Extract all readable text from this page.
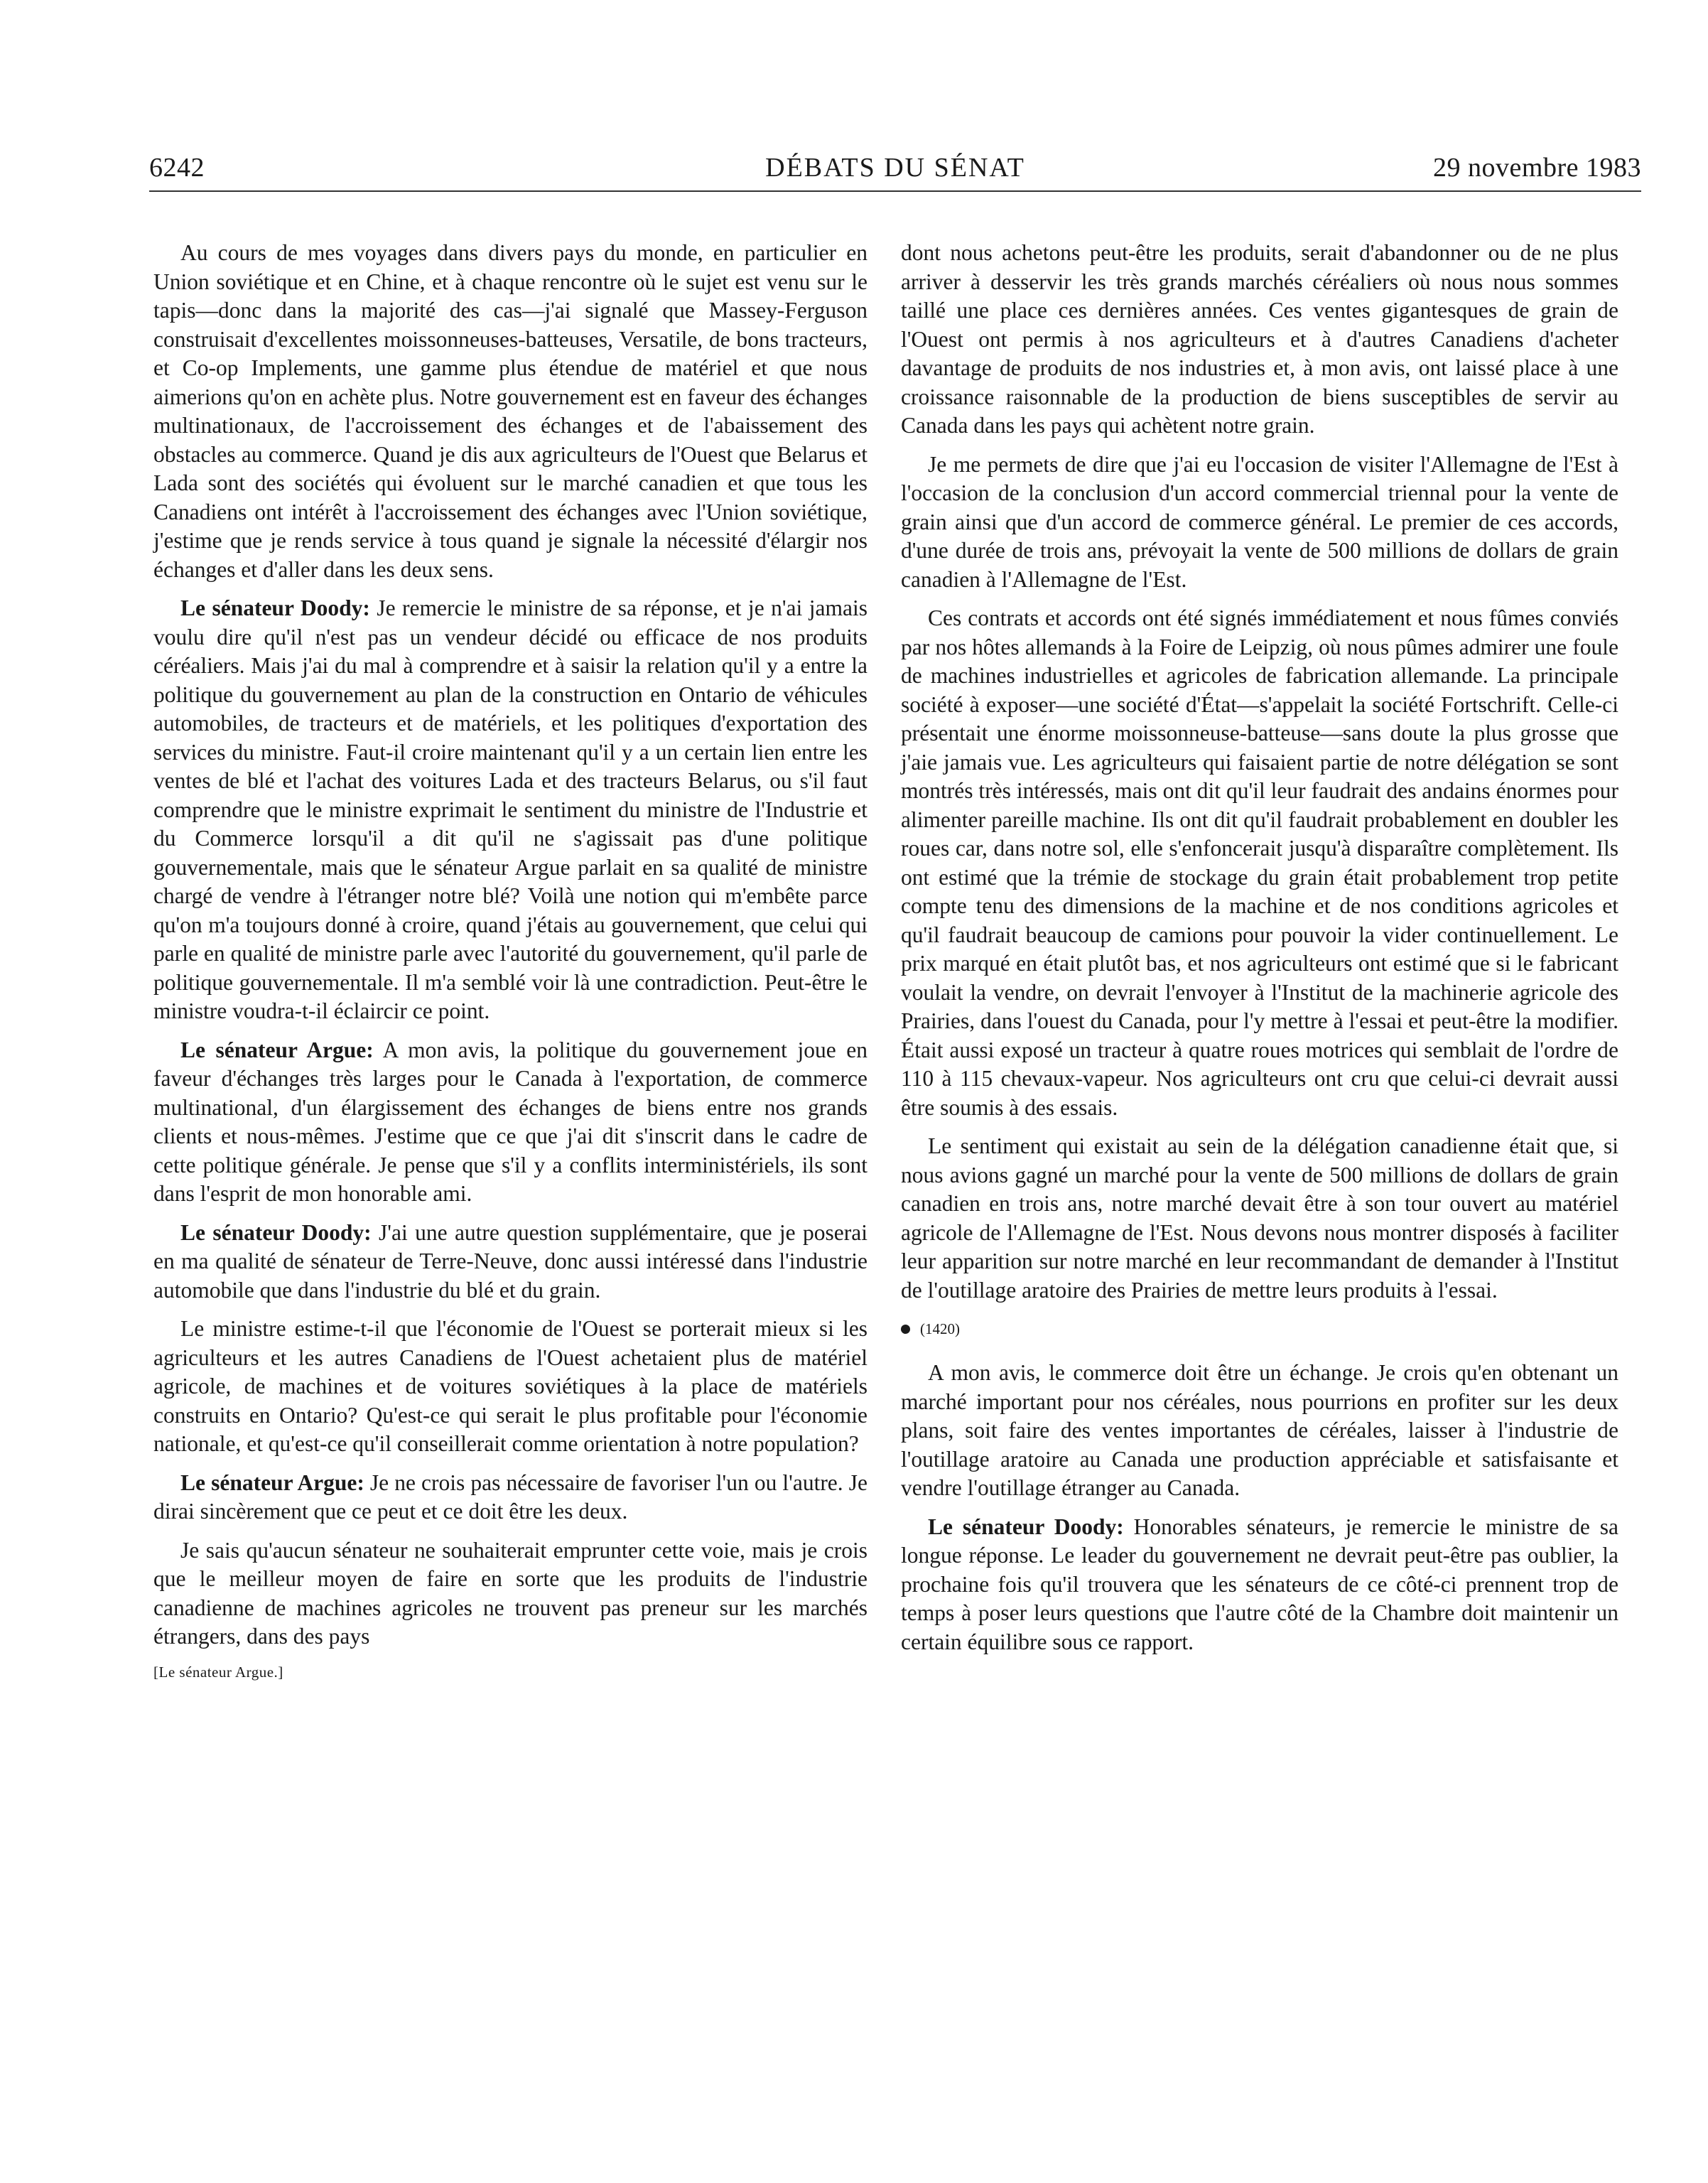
6242	DÉBATS DU SÉNAT	29 novembre 1983

Au cours de mes voyages dans divers pays du monde, en particulier en Union soviétique et en Chine, et à chaque rencontre où le sujet est venu sur le tapis—donc dans la majorité des cas—j'ai signalé que Massey-Ferguson construisait d'excellentes moissonneuses-batteuses, Versatile, de bons tracteurs, et Co-op Implements, une gamme plus étendue de matériel et que nous aimerions qu'on en achète plus. Notre gouvernement est en faveur des échanges multinationaux, de l'accroissement des échanges et de l'abaissement des obstacles au commerce. Quand je dis aux agriculteurs de l'Ouest que Belarus et Lada sont des sociétés qui évoluent sur le marché canadien et que tous les Canadiens ont intérêt à l'accroissement des échanges avec l'Union soviétique, j'estime que je rends service à tous quand je signale la nécessité d'élargir nos échanges et d'aller dans les deux sens.

Le sénateur Doody: Je remercie le ministre de sa réponse, et je n'ai jamais voulu dire qu'il n'est pas un vendeur décidé ou efficace de nos produits céréaliers. Mais j'ai du mal à comprendre et à saisir la relation qu'il y a entre la politique du gouvernement au plan de la construction en Ontario de véhicules automobiles, de tracteurs et de matériels, et les politiques d'exportation des services du ministre. Faut-il croire maintenant qu'il y a un certain lien entre les ventes de blé et l'achat des voitures Lada et des tracteurs Belarus, ou s'il faut comprendre que le ministre exprimait le sentiment du ministre de l'Industrie et du Commerce lorsqu'il a dit qu'il ne s'agissait pas d'une politique gouvernementale, mais que le sénateur Argue parlait en sa qualité de ministre chargé de vendre à l'étranger notre blé? Voilà une notion qui m'embête parce qu'on m'a toujours donné à croire, quand j'étais au gouvernement, que celui qui parle en qualité de ministre parle avec l'autorité du gouvernement, qu'il parle de politique gouvernementale. Il m'a semblé voir là une contradiction. Peut-être le ministre voudra-t-il éclaircir ce point.

Le sénateur Argue: A mon avis, la politique du gouvernement joue en faveur d'échanges très larges pour le Canada à l'exportation, de commerce multinational, d'un élargissement des échanges de biens entre nos grands clients et nous-mêmes. J'estime que ce que j'ai dit s'inscrit dans le cadre de cette politique générale. Je pense que s'il y a conflits interministériels, ils sont dans l'esprit de mon honorable ami.

Le sénateur Doody: J'ai une autre question supplémentaire, que je poserai en ma qualité de sénateur de Terre-Neuve, donc aussi intéressé dans l'industrie automobile que dans l'industrie du blé et du grain.

Le ministre estime-t-il que l'économie de l'Ouest se porterait mieux si les agriculteurs et les autres Canadiens de l'Ouest achetaient plus de matériel agricole, de machines et de voitures soviétiques à la place de matériels construits en Ontario? Qu'est-ce qui serait le plus profitable pour l'économie nationale, et qu'est-ce qu'il conseillerait comme orientation à notre population?

Le sénateur Argue: Je ne crois pas nécessaire de favoriser l'un ou l'autre. Je dirai sincèrement que ce peut et ce doit être les deux.

Je sais qu'aucun sénateur ne souhaiterait emprunter cette voie, mais je crois que le meilleur moyen de faire en sorte que les produits de l'industrie canadienne de machines agricoles ne trouvent pas preneur sur les marchés étrangers, dans des pays

[Le sénateur Argue.]

dont nous achetons peut-être les produits, serait d'abandonner ou de ne plus arriver à desservir les très grands marchés céréaliers où nous nous sommes taillé une place ces dernières années. Ces ventes gigantesques de grain de l'Ouest ont permis à nos agriculteurs et à d'autres Canadiens d'acheter davantage de produits de nos industries et, à mon avis, ont laissé place à une croissance raisonnable de la production de biens susceptibles de servir au Canada dans les pays qui achètent notre grain.

Je me permets de dire que j'ai eu l'occasion de visiter l'Allemagne de l'Est à l'occasion de la conclusion d'un accord commercial triennal pour la vente de grain ainsi que d'un accord de commerce général. Le premier de ces accords, d'une durée de trois ans, prévoyait la vente de 500 millions de dollars de grain canadien à l'Allemagne de l'Est.

Ces contrats et accords ont été signés immédiatement et nous fûmes conviés par nos hôtes allemands à la Foire de Leipzig, où nous pûmes admirer une foule de machines industrielles et agricoles de fabrication allemande. La principale société à exposer—une société d'État—s'appelait la société Fortschrift. Celle-ci présentait une énorme moissonneuse-batteuse—sans doute la plus grosse que j'aie jamais vue. Les agriculteurs qui faisaient partie de notre délégation se sont montrés très intéressés, mais ont dit qu'il leur faudrait des andains énormes pour alimenter pareille machine. Ils ont dit qu'il faudrait probablement en doubler les roues car, dans notre sol, elle s'enfoncerait jusqu'à disparaître complètement. Ils ont estimé que la trémie de stockage du grain était probablement trop petite compte tenu des dimensions de la machine et de nos conditions agricoles et qu'il faudrait beaucoup de camions pour pouvoir la vider continuellement. Le prix marqué en était plutôt bas, et nos agriculteurs ont estimé que si le fabricant voulait la vendre, on devrait l'envoyer à l'Institut de la machinerie agricole des Prairies, dans l'ouest du Canada, pour l'y mettre à l'essai et peut-être la modifier. Était aussi exposé un tracteur à quatre roues motrices qui semblait de l'ordre de 110 à 115 chevaux-vapeur. Nos agriculteurs ont cru que celui-ci devrait aussi être soumis à des essais.

Le sentiment qui existait au sein de la délégation canadienne était que, si nous avions gagné un marché pour la vente de 500 millions de dollars de grain canadien en trois ans, notre marché devait être à son tour ouvert au matériel agricole de l'Allemagne de l'Est. Nous devons nous montrer disposés à faciliter leur apparition sur notre marché en leur recommandant de demander à l'Institut de l'outillage aratoire des Prairies de mettre leurs produits à l'essai.

(1420)

A mon avis, le commerce doit être un échange. Je crois qu'en obtenant un marché important pour nos céréales, nous pourrions en profiter sur les deux plans, soit faire des ventes importantes de céréales, laisser à l'industrie de l'outillage aratoire au Canada une production appréciable et satisfaisante et vendre l'outillage étranger au Canada.

Le sénateur Doody: Honorables sénateurs, je remercie le ministre de sa longue réponse. Le leader du gouvernement ne devrait peut-être pas oublier, la prochaine fois qu'il trouvera que les sénateurs de ce côté-ci prennent trop de temps à poser leurs questions que l'autre côté de la Chambre doit maintenir un certain équilibre sous ce rapport.
